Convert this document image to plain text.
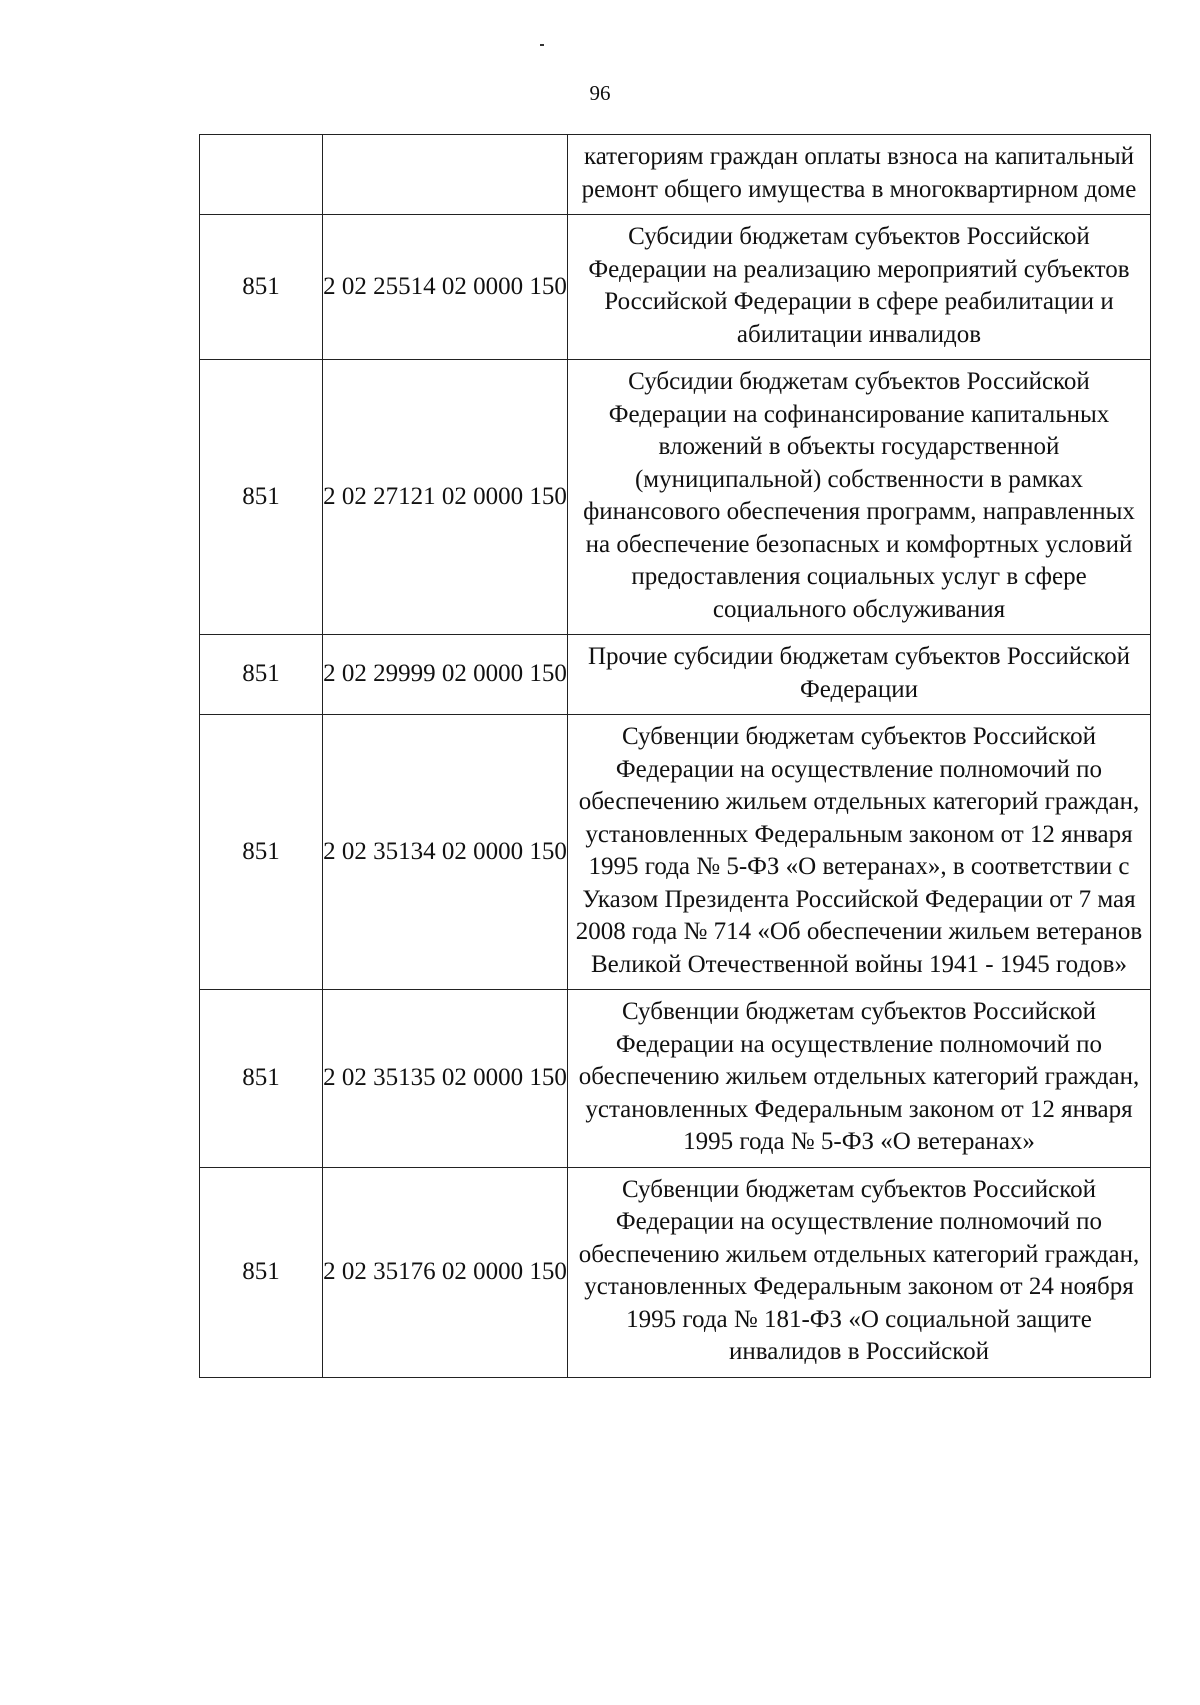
96
		категориям граждан оплаты взноса на капитальный ремонт общего имущества в многоквартирном доме
851	2 02 25514 02 0000 150	Субсидии бюджетам субъектов Российской Федерации на реализацию мероприятий субъектов Российской Федерации в сфере реабилитации и абилитации инвалидов
851	2 02 27121 02 0000 150	Субсидии бюджетам субъектов Российской Федерации на софинансирование капитальных вложений в объекты государственной (муниципальной) собственности в рамках финансового обеспечения программ, направленных на обеспечение безопасных и комфортных условий предоставления социальных услуг в сфере социального обслуживания
851	2 02 29999 02 0000 150	Прочие субсидии бюджетам субъектов Российской Федерации
851	2 02 35134 02 0000 150	Субвенции бюджетам субъектов Российской Федерации на осуществление полномочий по обеспечению жильем отдельных категорий граждан, установленных Федеральным законом от 12 января 1995 года № 5-ФЗ «О ветеранах», в соответствии с Указом Президента Российской Федерации от 7 мая 2008 года № 714 «Об обеспечении жильем ветеранов Великой Отечественной войны 1941 - 1945 годов»
851	2 02 35135 02 0000 150	Субвенции бюджетам субъектов Российской Федерации на осуществление полномочий по обеспечению жильем отдельных категорий граждан, установленных Федеральным законом от 12 января 1995 года № 5-ФЗ «О ветеранах»
851	2 02 35176 02 0000 150	Субвенции бюджетам субъектов Российской Федерации на осуществление полномочий по обеспечению жильем отдельных категорий граждан, установленных Федеральным законом от 24 ноября 1995 года № 181-ФЗ «О социальной защите инвалидов в Российской
